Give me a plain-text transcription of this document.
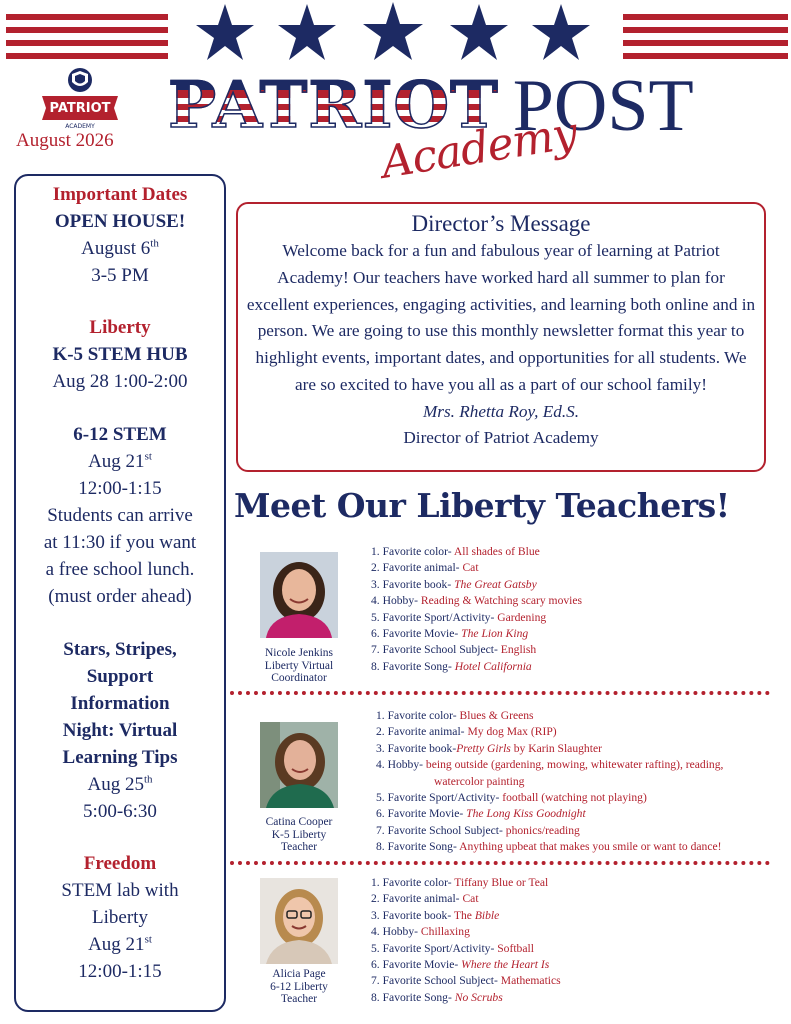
PATRIOT
ACADEMY
August 2026 PATRIOT POST
Academy
Important Dates
OPEN HOUSE!
August 6th
3-5 PM
Liberty
K-5 STEM HUB
Aug 28 1:00-2:00
6-12 STEM
Aug 21st
12:00-1:15
Students can arrive
at 11:30 if you want
a free school lunch.
(must order ahead)
Stars, Stripes,
Support
Information
Night: Virtual
Learning Tips
Aug 25th
5:00-6:30
Freedom
STEM lab with
Liberty
Aug 21st
12:00-1:15
Director’s Message
Welcome back for a fun and fabulous year of learning at Patriot Academy! Our teachers have worked hard all summer to plan for excellent experiences, engaging activities, and learning both online and in person. We are going to use this monthly newsletter format this year to highlight events, important dates, and opportunities for all students. We are so excited to have you all as a part of our school family!
Mrs. Rhetta Roy, Ed.S.
Director of Patriot Academy
Meet Our Liberty Teachers!
Nicole Jenkins
Liberty Virtual
Coordinator
1. Favorite color- All shades of Blue
2. Favorite animal- Cat
3. Favorite book- The Great Gatsby
4. Hobby- Reading & Watching scary movies
5. Favorite Sport/Activity- Gardening
6. Favorite Movie- The Lion King
7. Favorite School Subject- English
8. Favorite Song- Hotel California
Catina Cooper
K-5 Liberty
Teacher
1. Favorite color- Blues & Greens
2. Favorite animal- My dog Max (RIP)
3. Favorite book-Pretty Girls by Karin Slaughter
4. Hobby- being outside (gardening, mowing, whitewater rafting), reading,
watercolor painting
5. Favorite Sport/Activity- football (watching not playing)
6. Favorite Movie- The Long Kiss Goodnight
7. Favorite School Subject- phonics/reading
8. Favorite Song- Anything upbeat that makes you smile or want to dance!
Alicia Page
6-12 Liberty
Teacher
1. Favorite color- Tiffany Blue or Teal
2. Favorite animal- Cat
3. Favorite book- The Bible
4. Hobby- Chillaxing
5. Favorite Sport/Activity- Softball
6. Favorite Movie- Where the Heart Is
7. Favorite School Subject- Mathematics
8. Favorite Song- No Scrubs
